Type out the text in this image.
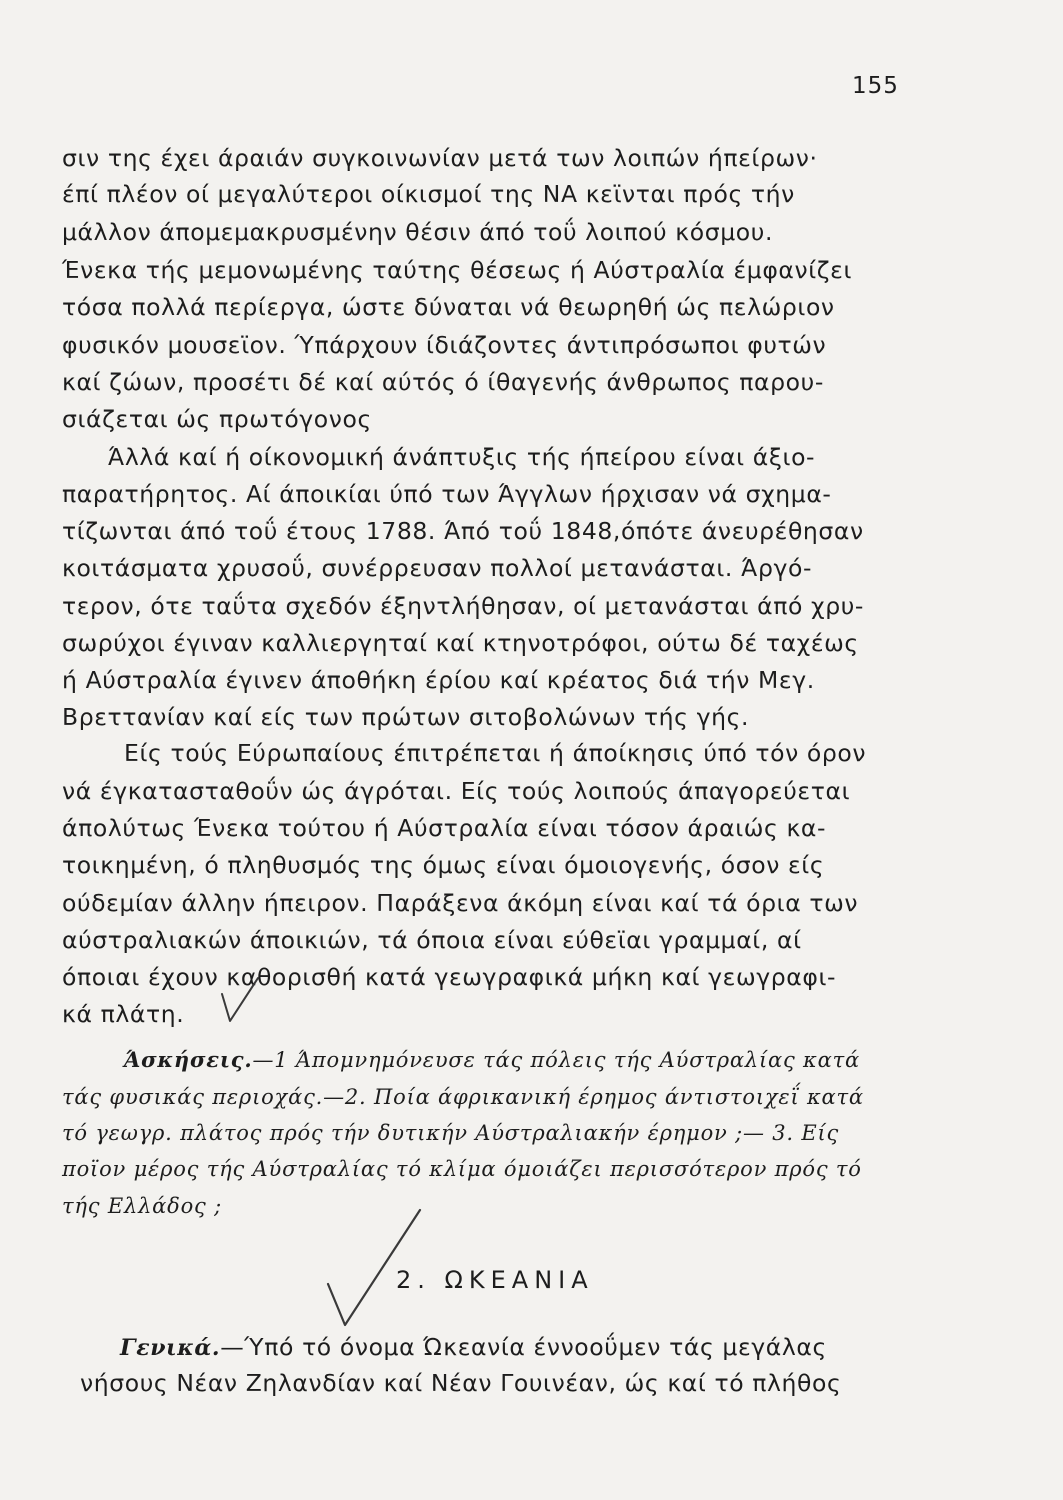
155
σιν της έχει άραιάν συγκοινωνίαν μετά των λοιπών ήπείρων·
έπί πλέον οί μεγαλύτεροι οίκισμοί της ΝΑ κεϊνται πρός τήν
μάλλον άπομεμακρυσμένην θέσιν άπό τοΰ λοιπού κόσμου.
Ένεκα τής μεμονωμένης ταύτης θέσεως ή Αύστραλία έμφανίζει
τόσα πολλά περίεργα, ώστε δύναται νά θεωρηθή ώς πελώριον
φυσικόν μουσεϊον. Ύπάρχουν ίδιάζοντες άντιπρόσωποι φυτών
καί ζώων, προσέτι δέ καί αύτός ό ίθαγενής άνθρωπος παρου-
σιάζεται ώς πρωτόγονος
Άλλά καί ή οίκονομική άνάπτυξις τής ήπείρου είναι άξιο-
παρατήρητος. Αί άποικίαι ύπό των Άγγλων ήρχισαν νά σχημα-
τίζωνται άπό τοΰ έτους 1788. Άπό τοΰ 1848,όπότε άνευρέθησαν
κοιτάσματα χρυσοΰ, συνέρρευσαν πολλοί μετανάσται. Άργό-
τερον, ότε ταΰτα σχεδόν έξηντλήθησαν, οί μετανάσται άπό χρυ-
σωρύχοι έγιναν καλλιεργηταί καί κτηνοτρόφοι, ούτω δέ ταχέως
ή Αύστραλία έγινεν άποθήκη έρίου καί κρέατος διά τήν Μεγ.
Βρεττανίαν καί είς των πρώτων σιτοβολώνων τής γής.
Είς τούς Εύρωπαίους έπιτρέπεται ή άποίκησις ύπό τόν όρον
νά έγκατασταθοΰν ώς άγρόται. Είς τούς λοιπούς άπαγορεύεται
άπολύτως Ένεκα τούτου ή Αύστραλία είναι τόσον άραιώς κα-
τοικημένη, ό πληθυσμός της όμως είναι όμοιογενής, όσον είς
ούδεμίαν άλλην ήπειρον. Παράξενα άκόμη είναι καί τά όρια των
αύστραλιακών άποικιών, τά όποια είναι εύθεϊαι γραμμαί, αί
όποιαι έχουν καθορισθή κατά γεωγραφικά μήκη καί γεωγραφι-
κά πλάτη.
Άσκήσεις.—1 Άπομνημόνευσε τάς πόλεις τής Αύστραλίας κατά
τάς φυσικάς περιοχάς.—2. Ποία άφρικανική έρημος άντιστοιχεΐ κατά
τό γεωγρ. πλάτος πρός τήν δυτικήν Αύστραλιακήν έρημον ;— 3. Είς
ποϊον μέρος τής Αύστραλίας τό κλίμα όμοιάζει περισσότερον πρός τό
τής Ελλάδος ;
2. ΩΚΕΑΝΙΑ
Γενικά.—Ύπό τό όνομα Ώκεανία έννοοΰμεν τάς μεγάλας
νήσους Νέαν Ζηλανδίαν καί Νέαν Γουινέαν, ώς καί τό πλήθος
